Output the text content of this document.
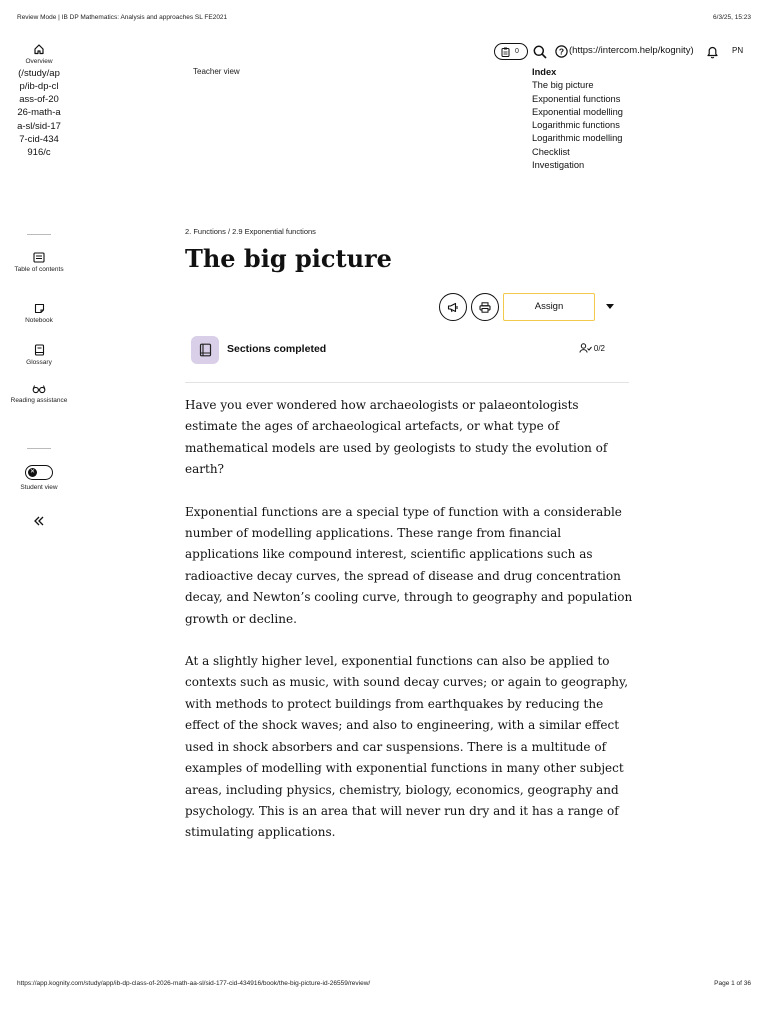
Review Mode | IB DP Mathematics: Analysis and approaches SL FE2021	6/3/25, 15:23
Overview
(/study/app/ib-dp-class-of-2026-math-aa-sl/sid-177-cid-434916/c
Table of contents
Notebook
Glossary
Reading assistance
✕
Student view
0	? (https://intercom.help/kognity)	PN
Teacher view	Index
The big picture
Exponential functions
Exponential modelling
Logarithmic functions
Logarithmic modelling
Checklist
Investigation
2. Functions / 2.9 Exponential functions
The big picture
Assign
Sections completed	0/2

Have you ever wondered how archaeologists or palaeontologists estimate the ages of archaeological artefacts, or what type of mathematical models are used by geologists to study the evolution of earth?

Exponential functions are a special type of function with a considerable number of modelling applications. These range from financial applications like compound interest, scientific applications such as radioactive decay curves, the spread of disease and drug concentration decay, and Newton’s cooling curve, through to geography and population growth or decline.

At a slightly higher level, exponential functions can also be applied to contexts such as music, with sound decay curves; or again to geography, with methods to protect buildings from earthquakes by reducing the effect of the shock waves; and also to engineering, with a similar effect used in shock absorbers and car suspensions. There is a multitude of examples of modelling with exponential functions in many other subject areas, including physics, chemistry, biology, economics, geography and psychology. This is an area that will never run dry and it has a range of stimulating applications.

https://app.kognity.com/study/app/ib-dp-class-of-2026-math-aa-sl/sid-177-cid-434916/book/the-big-picture-id-26559/review/	Page 1 of 36
